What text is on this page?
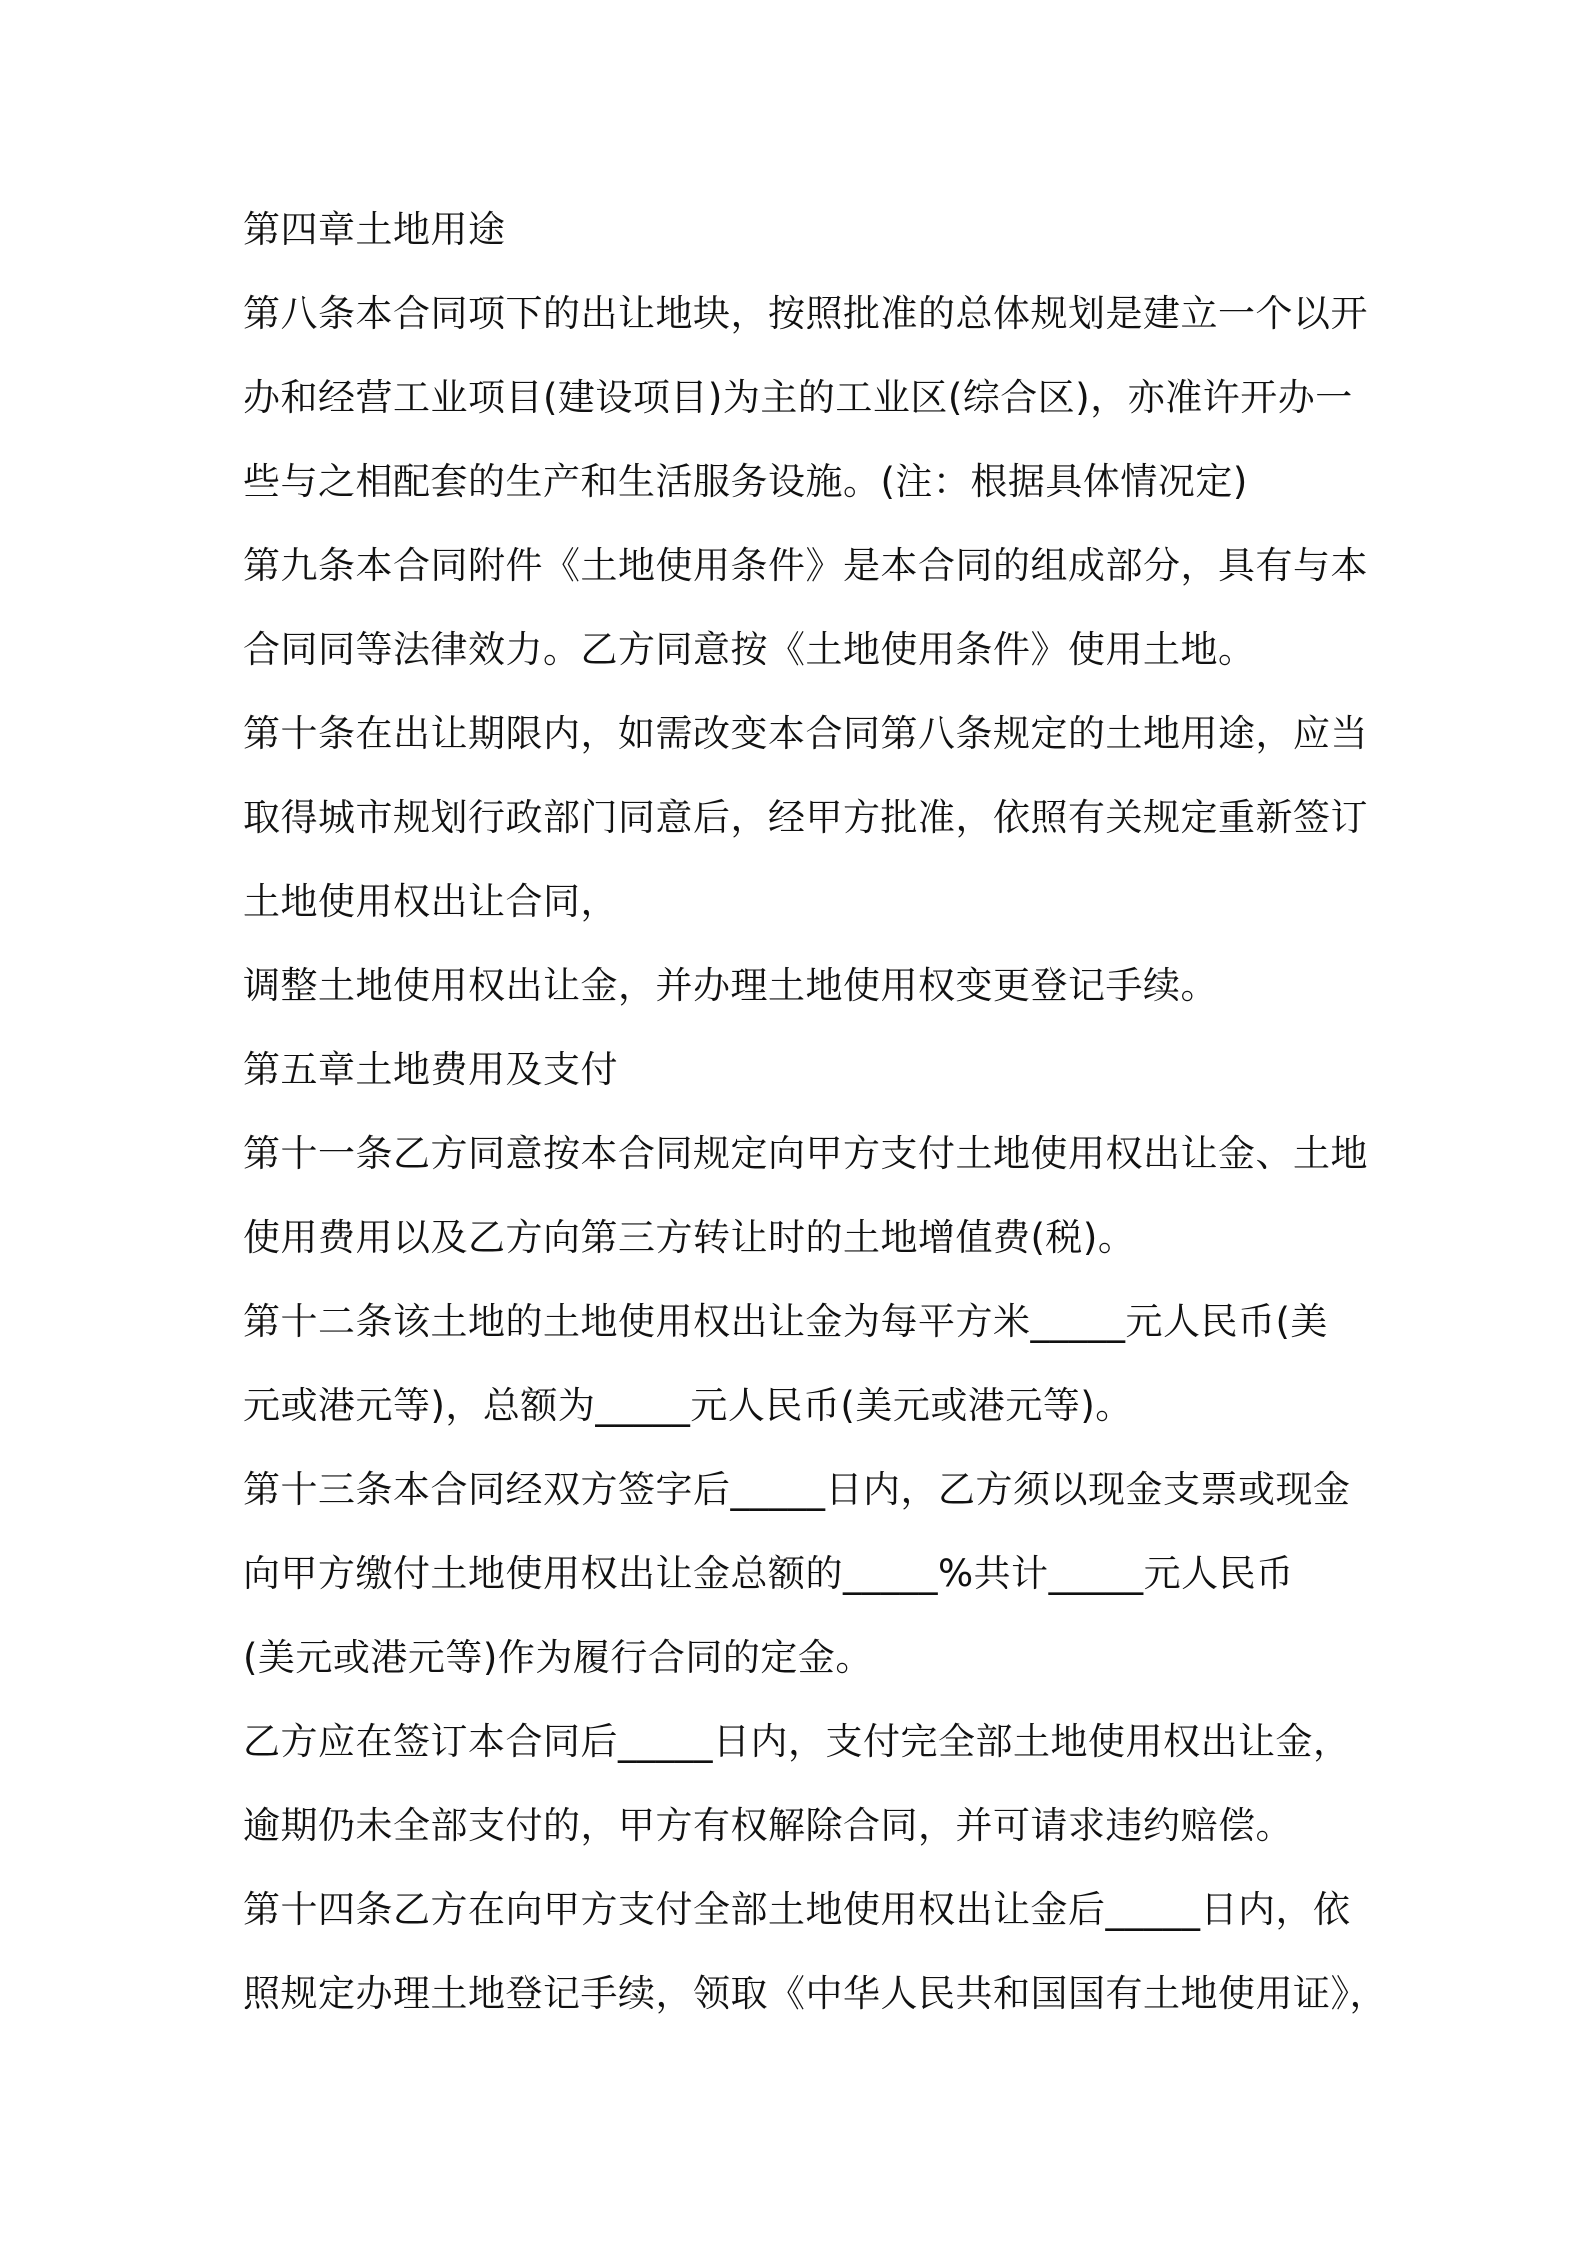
第四章土地用途
第八条本合同项下的出让地块，按照批准的总体规划是建立一个以开
办和经营工业项目(建设项目)为主的工业区(综合区)，亦准许开办一
些与之相配套的生产和生活服务设施。(注：根据具体情况定)
第九条本合同附件《土地使用条件》是本合同的组成部分，具有与本
合同同等法律效力。乙方同意按《土地使用条件》使用土地。
第十条在出让期限内，如需改变本合同第八条规定的土地用途，应当
取得城市规划行政部门同意后，经甲方批准，依照有关规定重新签订
土地使用权出让合同，
调整土地使用权出让金，并办理土地使用权变更登记手续。
第五章土地费用及支付
第十一条乙方同意按本合同规定向甲方支付土地使用权出让金、土地
使用费用以及乙方向第三方转让时的土地增值费(税)。
第十二条该土地的土地使用权出让金为每平方米_____元人民币(美
元或港元等)，总额为_____元人民币(美元或港元等)。
第十三条本合同经双方签字后_____日内，乙方须以现金支票或现金
向甲方缴付土地使用权出让金总额的_____%共计_____元人民币
(美元或港元等)作为履行合同的定金。
乙方应在签订本合同后_____日内，支付完全部土地使用权出让金，
逾期仍未全部支付的，甲方有权解除合同，并可请求违约赔偿。
第十四条乙方在向甲方支付全部土地使用权出让金后_____日内，依
照规定办理土地登记手续，领取《中华人民共和国国有土地使用证》，
